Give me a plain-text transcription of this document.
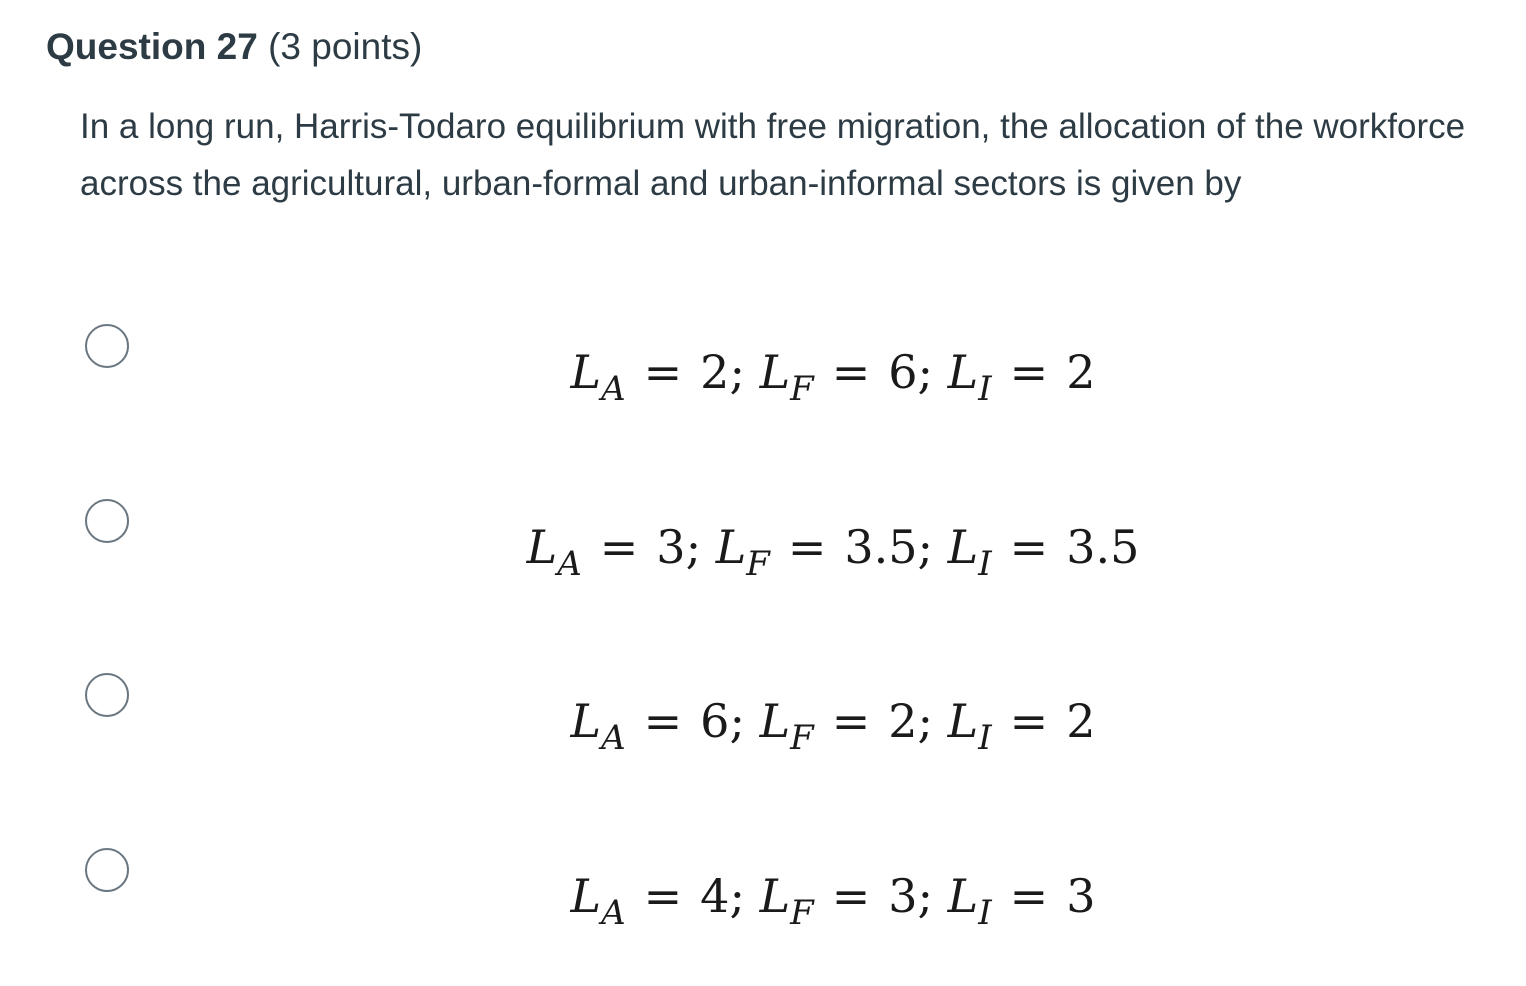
Question 27 (3 points)
In a long run, Harris-Todaro equilibrium with free migration, the allocation of the workforce across the agricultural, urban-formal and urban-informal sectors is given by
$L_A = 2$; $L_F = 6$; $L_I = 2$
$L_A = 3$; $L_F = 3.5$; $L_I = 3.5$
$L_A = 6$; $L_F = 2$; $L_I = 2$
$L_A = 4$; $L_F = 3$; $L_I = 3$
